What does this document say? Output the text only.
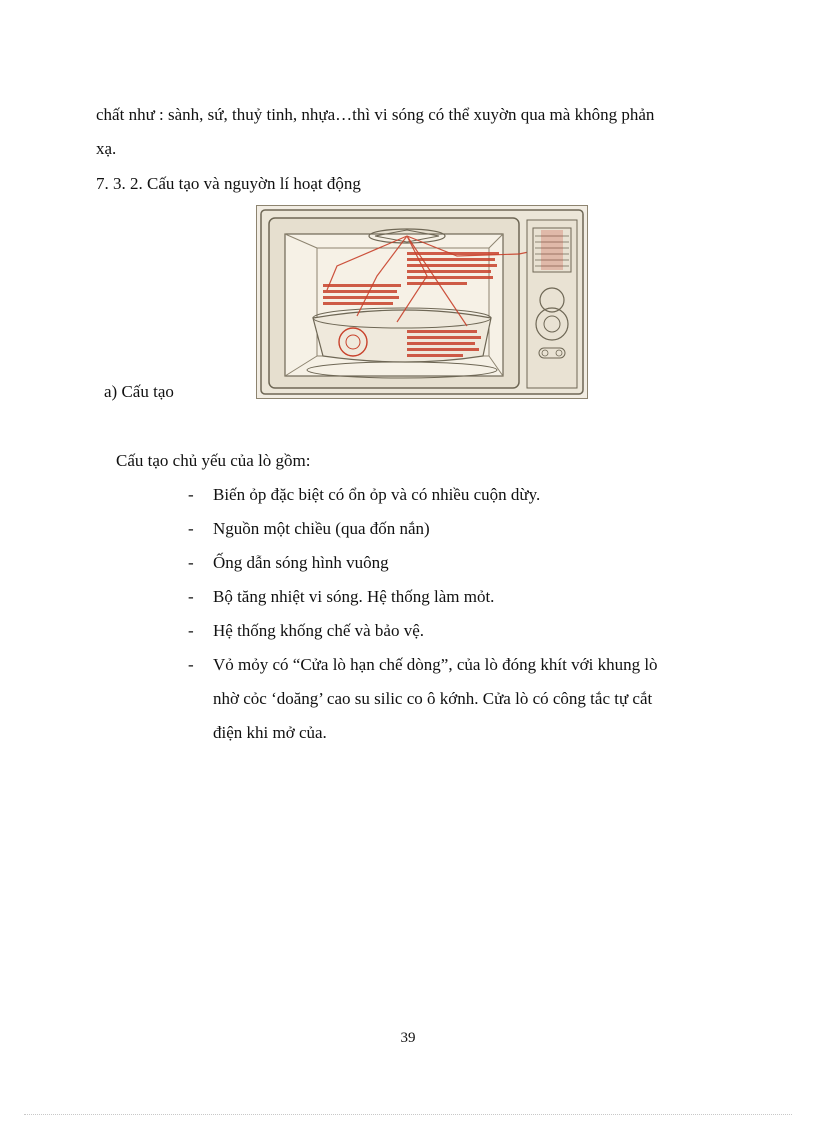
chất như : sành, sứ, thuỷ tinh, nhựa…thì vi sóng có thể xuyờn qua mà không phản
xạ.
7. 3. 2. Cấu tạo và nguyờn lí hoạt động
a) Cấu tạo
Cấu tạo chủ yếu của lò gồm:
- Biến ỏp đặc biệt có ổn ỏp và có nhiều cuộn dừy.
- Nguồn một chiều (qua đốn nắn)
- Ống dẫn sóng hình vuông
- Bộ tăng nhiệt vi sóng. Hệ thống làm mỏt.
- Hệ thống khống chế và bảo vệ.
- Vỏ mỏy có “Cửa lò hạn chế dòng”, của lò đóng khít với khung lò
nhờ cỏc ‘doăng’ cao su silic co ô kớnh. Cửa lò có công tắc tự cắt
điện khi mở của.
39
